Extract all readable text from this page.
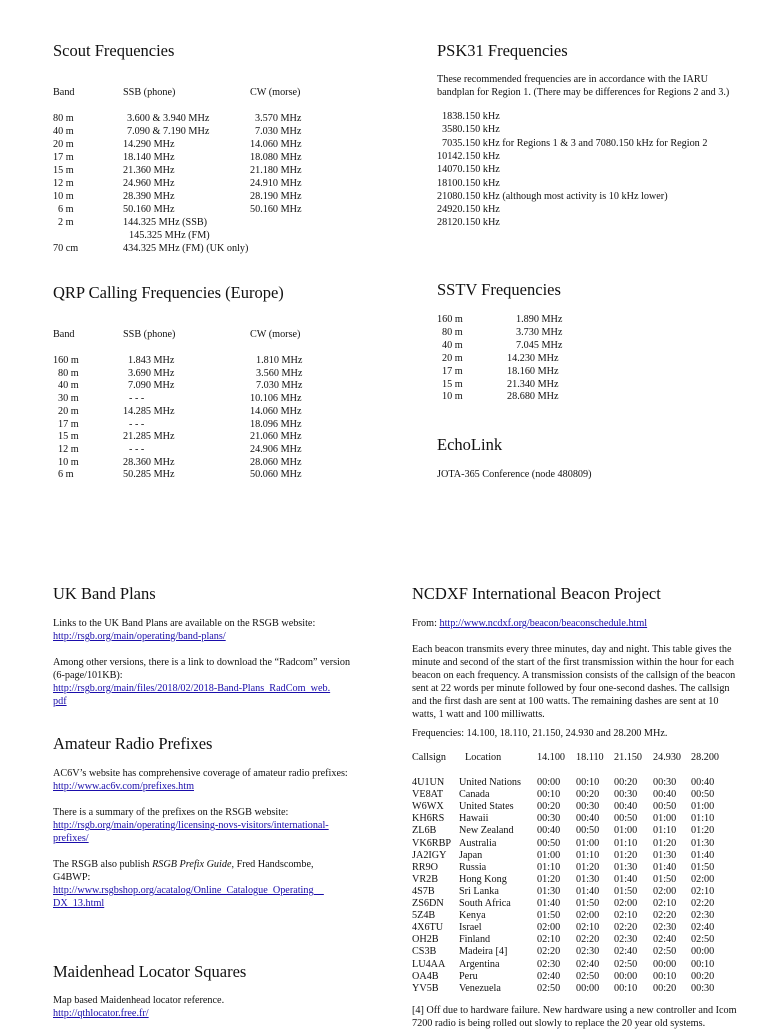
Scout Frequencies
Band	SSB (phone)	CW (morse)
80 m	3.600 & 3.940 MHz	3.570 MHz
40 m	7.090 & 7.190 MHz	7.030 MHz
20 m	14.290 MHz	14.060 MHz
17 m	18.140 MHz	18.080 MHz
15 m	21.360 MHz	21.180 MHz
12 m	24.960 MHz	24.910 MHz
10 m	28.390 MHz	28.190 MHz
6 m	50.160 MHz	50.160 MHz
2 m	144.325 MHz (SSB)
145.325 MHz (FM)
70 cm	434.325 MHz (FM) (UK only)
QRP Calling Frequencies (Europe)
Band	SSB (phone)	CW (morse)
160 m	1.843 MHz	1.810 MHz
80 m	3.690 MHz	3.560 MHz
40 m	7.090 MHz	7.030 MHz
30 m	- - -	10.106 MHz
20 m	14.285 MHz	14.060 MHz
17 m	- - -	18.096 MHz
15 m	21.285 MHz	21.060 MHz
12 m	- - -	24.906 MHz
10 m	28.360 MHz	28.060 MHz
6 m	50.285 MHz	50.060 MHz
UK Band Plans

Links to the UK Band Plans are available on the RSGB website:

http://rsgb.org/main/operating/band-plans/

Among other versions, there is a link to download the “Radcom” version (6-page/101KB):

http://rsgb.org/main/files/2018/02/2018-Band-Plans_RadCom_web.

pdf

Amateur Radio Prefixes

AC6V’s website has comprehensive coverage of amateur radio prefixes:

http://www.ac6v.com/prefixes.htm

There is a summary of the prefixes on the RSGB website:

http://rsgb.org/main/operating/licensing-novs-visitors/international-

prefixes/

The RSGB also publish RSGB Prefix Guide, Fred Handscombe,

G4BWP:

http://www.rsgbshop.org/acatalog/Online_Catalogue_Operating__

DX_13.html

Maidenhead Locator Squares

Map based Maidenhead locator reference.

http://qthlocator.free.fr/

PSK31 Frequencies
These recommended frequencies are in accordance with the IARU bandplan for Region 1. (There may be differences for Regions 2 and 3.)
1838.150 kHz
3580.150 kHz
7035.150 kHz for Regions 1 & 3 and 7080.150 kHz for Region 2
10142.150 kHz
14070.150 kHz
18100.150 kHz
21080.150 kHz (although most activity is 10 kHz lower)
24920.150 kHz
28120.150 kHz
SSTV Frequencies
160 m	1.890 MHz
80 m	3.730 MHz
40 m	7.045 MHz
20 m	14.230 MHz
17 m	18.160 MHz
15 m	21.340 MHz
10 m	28.680 MHz
EchoLink
JOTA-365 Conference (node 480809)
NCDXF International Beacon Project
From: http://www.ncdxf.org/beacon/beaconschedule.html
Each beacon transmits every three minutes, day and night. This table gives the minute and second of the start of the first transmission within the hour for each beacon on each frequency. A transmission consists of the callsign of the beacon sent at 22 words per minute followed by four one-second dashes. The callsign and the first dash are sent at 100 watts. The remaining dashes are sent at 10 watts, 1 watt and 100 milliwatts.
Frequencies: 14.100, 18.110, 21.150, 24.930 and 28.200 MHz.
Callsign Location	14.100 18.110 21.150 24.930 28.200
4U1UN United Nations 00:00 00:10 00:20 00:30 00:40
VE8AT Canada	00:10 00:20 00:30 00:40 00:50
W6WX United States 00:20 00:30 00:40 00:50 01:00
KH6RS Hawaii	00:30 00:40 00:50 01:00 01:10
ZL6B New Zealand 00:40 00:50 01:00 01:10 01:20
VK6RBP Australia	00:50 01:00 01:10 01:20 01:30
JA2IGY Japan	01:00 01:10 01:20 01:30 01:40
RR9O Russia	01:10 01:20 01:30 01:40 01:50
VR2B Hong Kong	01:20 01:30 01:40 01:50 02:00
4S7B Sri Lanka	01:30 01:40 01:50 02:00 02:10
ZS6DN South Africa	01:40 01:50 02:00 02:10 02:20
5Z4B Kenya	01:50 02:00 02:10 02:20 02:30
4X6TU Israel	02:00 02:10 02:20 02:30 02:40
OH2B Finland	02:10 02:20 02:30 02:40 02:50
CS3B Madeira [4]	02:20 02:30 02:40 02:50 00:00
LU4AA Argentina	02:30 02:40 02:50 00:00 00:10
OA4B Peru	02:40 02:50 00:00 00:10 00:20
YV5B Venezuela	02:50 00:00 00:10 00:20 00:30
[4] Off due to hardware failure. New hardware using a new controller and Icom 7200 radio is being rolled out slowly to replace the 20 year old systems.
